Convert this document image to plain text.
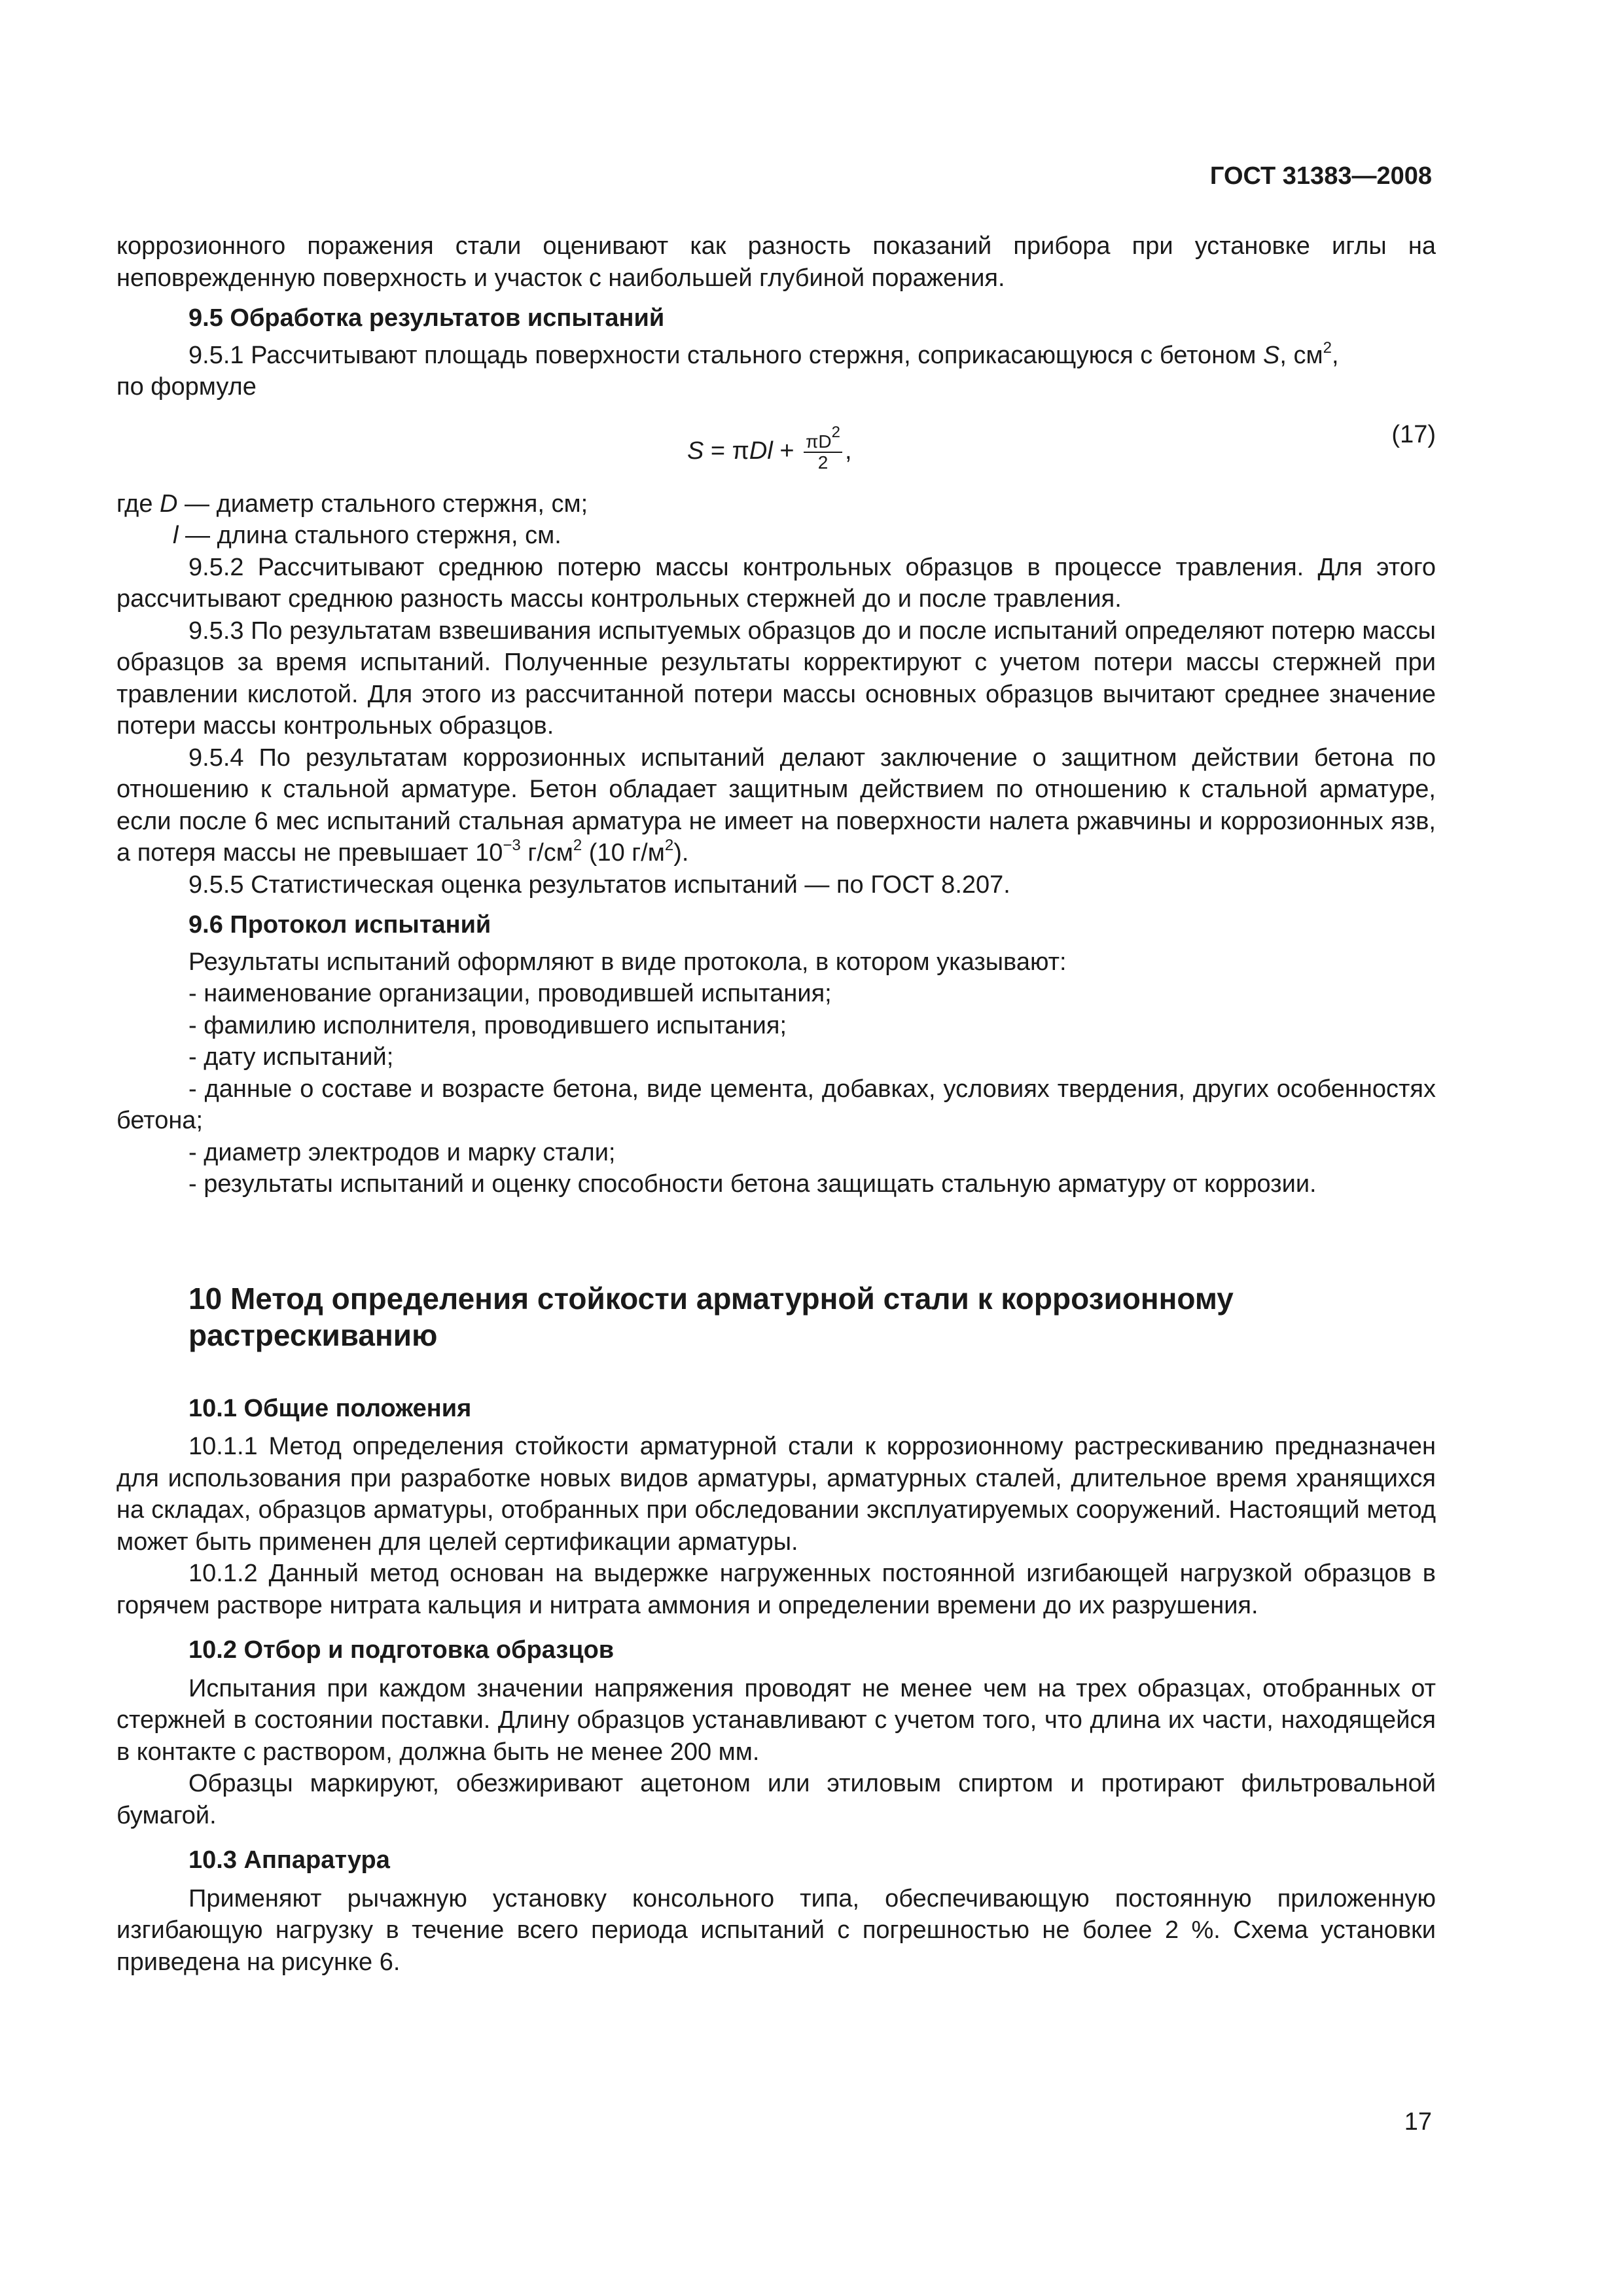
ГОСТ 31383—2008

коррозионного поражения стали оценивают как разность показаний прибора при установке иглы на неповрежденную поверхность и участок с наибольшей глубиной поражения.

9.5 Обработка результатов испытаний

9.5.1 Рассчитывают площадь поверхности стального стержня, соприкасающуюся с бетоном S, $см^2$,

по формуле

$S = \pi Dl + \frac{\pi D^2}{2}$ ,
(17)

где D — диаметр стального стержня, см;

l — длина стального стержня, см.

9.5.2 Рассчитывают среднюю потерю массы контрольных образцов в процессе травления. Для этого рассчитывают среднюю разность массы контрольных стержней до и после травления.

9.5.3 По результатам взвешивания испытуемых образцов до и после испытаний определяют потерю массы образцов за время испытаний. Полученные результаты корректируют с учетом потери массы стержней при травлении кислотой. Для этого из рассчитанной потери массы основных образцов вычитают среднее значение потери массы контрольных образцов.

9.5.4 По результатам коррозионных испытаний делают заключение о защитном действии бетона по отношению к стальной арматуре. Бетон обладает защитным действием по отношению к стальной арматуре, если после 6 мес испытаний стальная арматура не имеет на поверхности налета ржавчины и коррозионных язв, а потеря массы не превышает $10^{-3}$ $г/см^2$ (10 $г/м^2$).

9.5.5 Статистическая оценка результатов испытаний — по ГОСТ 8.207.

9.6 Протокол испытаний

Результаты испытаний оформляют в виде протокола, в котором указывают:

- наименование организации, проводившей испытания;

- фамилию исполнителя, проводившего испытания;

- дату испытаний;

- данные о составе и возрасте бетона, виде цемента, добавках, условиях твердения, других особенностях бетона;

- диаметр электродов и марку стали;

- результаты испытаний и оценку способности бетона защищать стальную арматуру от коррозии.

10 Метод определения стойкости арматурной стали к коррозионному растрескиванию
10.1 Общие положения

10.1.1 Метод определения стойкости арматурной стали к коррозионному растрескиванию предназначен для использования при разработке новых видов арматуры, арматурных сталей, длительное время хранящихся на складах, образцов арматуры, отобранных при обследовании эксплуатируемых сооружений. Настоящий метод может быть применен для целей сертификации арматуры.

10.1.2 Данный метод основан на выдержке нагруженных постоянной изгибающей нагрузкой образцов в горячем растворе нитрата кальция и нитрата аммония и определении времени до их разрушения.

10.2 Отбор и подготовка образцов

Испытания при каждом значении напряжения проводят не менее чем на трех образцах, отобранных от стержней в состоянии поставки. Длину образцов устанавливают с учетом того, что длина их части, находящейся в контакте с раствором, должна быть не менее 200 мм.

Образцы маркируют, обезжиривают ацетоном или этиловым спиртом и протирают фильтровальной бумагой.

10.3 Аппаратура

Применяют рычажную установку консольного типа, обеспечивающую постоянную приложенную изгибающую нагрузку в течение всего периода испытаний с погрешностью не более 2 %. Схема установки приведена на рисунке 6.

17
